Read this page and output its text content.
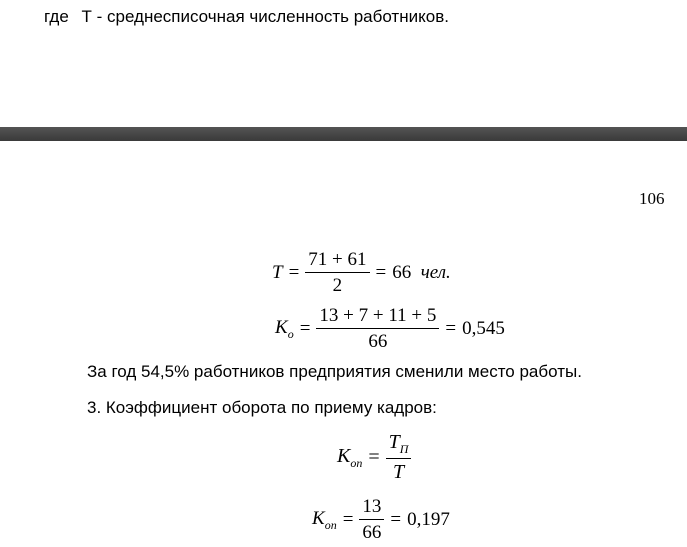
где Т - среднесписочная численность работников.
106
$T = \frac{71 + 61}{2} = 66$ чел.
$K_о = \frac{13 + 7 + 11 + 5}{66} = 0,545$
За год 54,5% работников предприятия сменили место работы.
3. Коэффициент оборота по приему кадров:
$K_{оп} = \frac{T_П}{T}$
$K_{оп} = \frac{13}{66} = 0,197$
